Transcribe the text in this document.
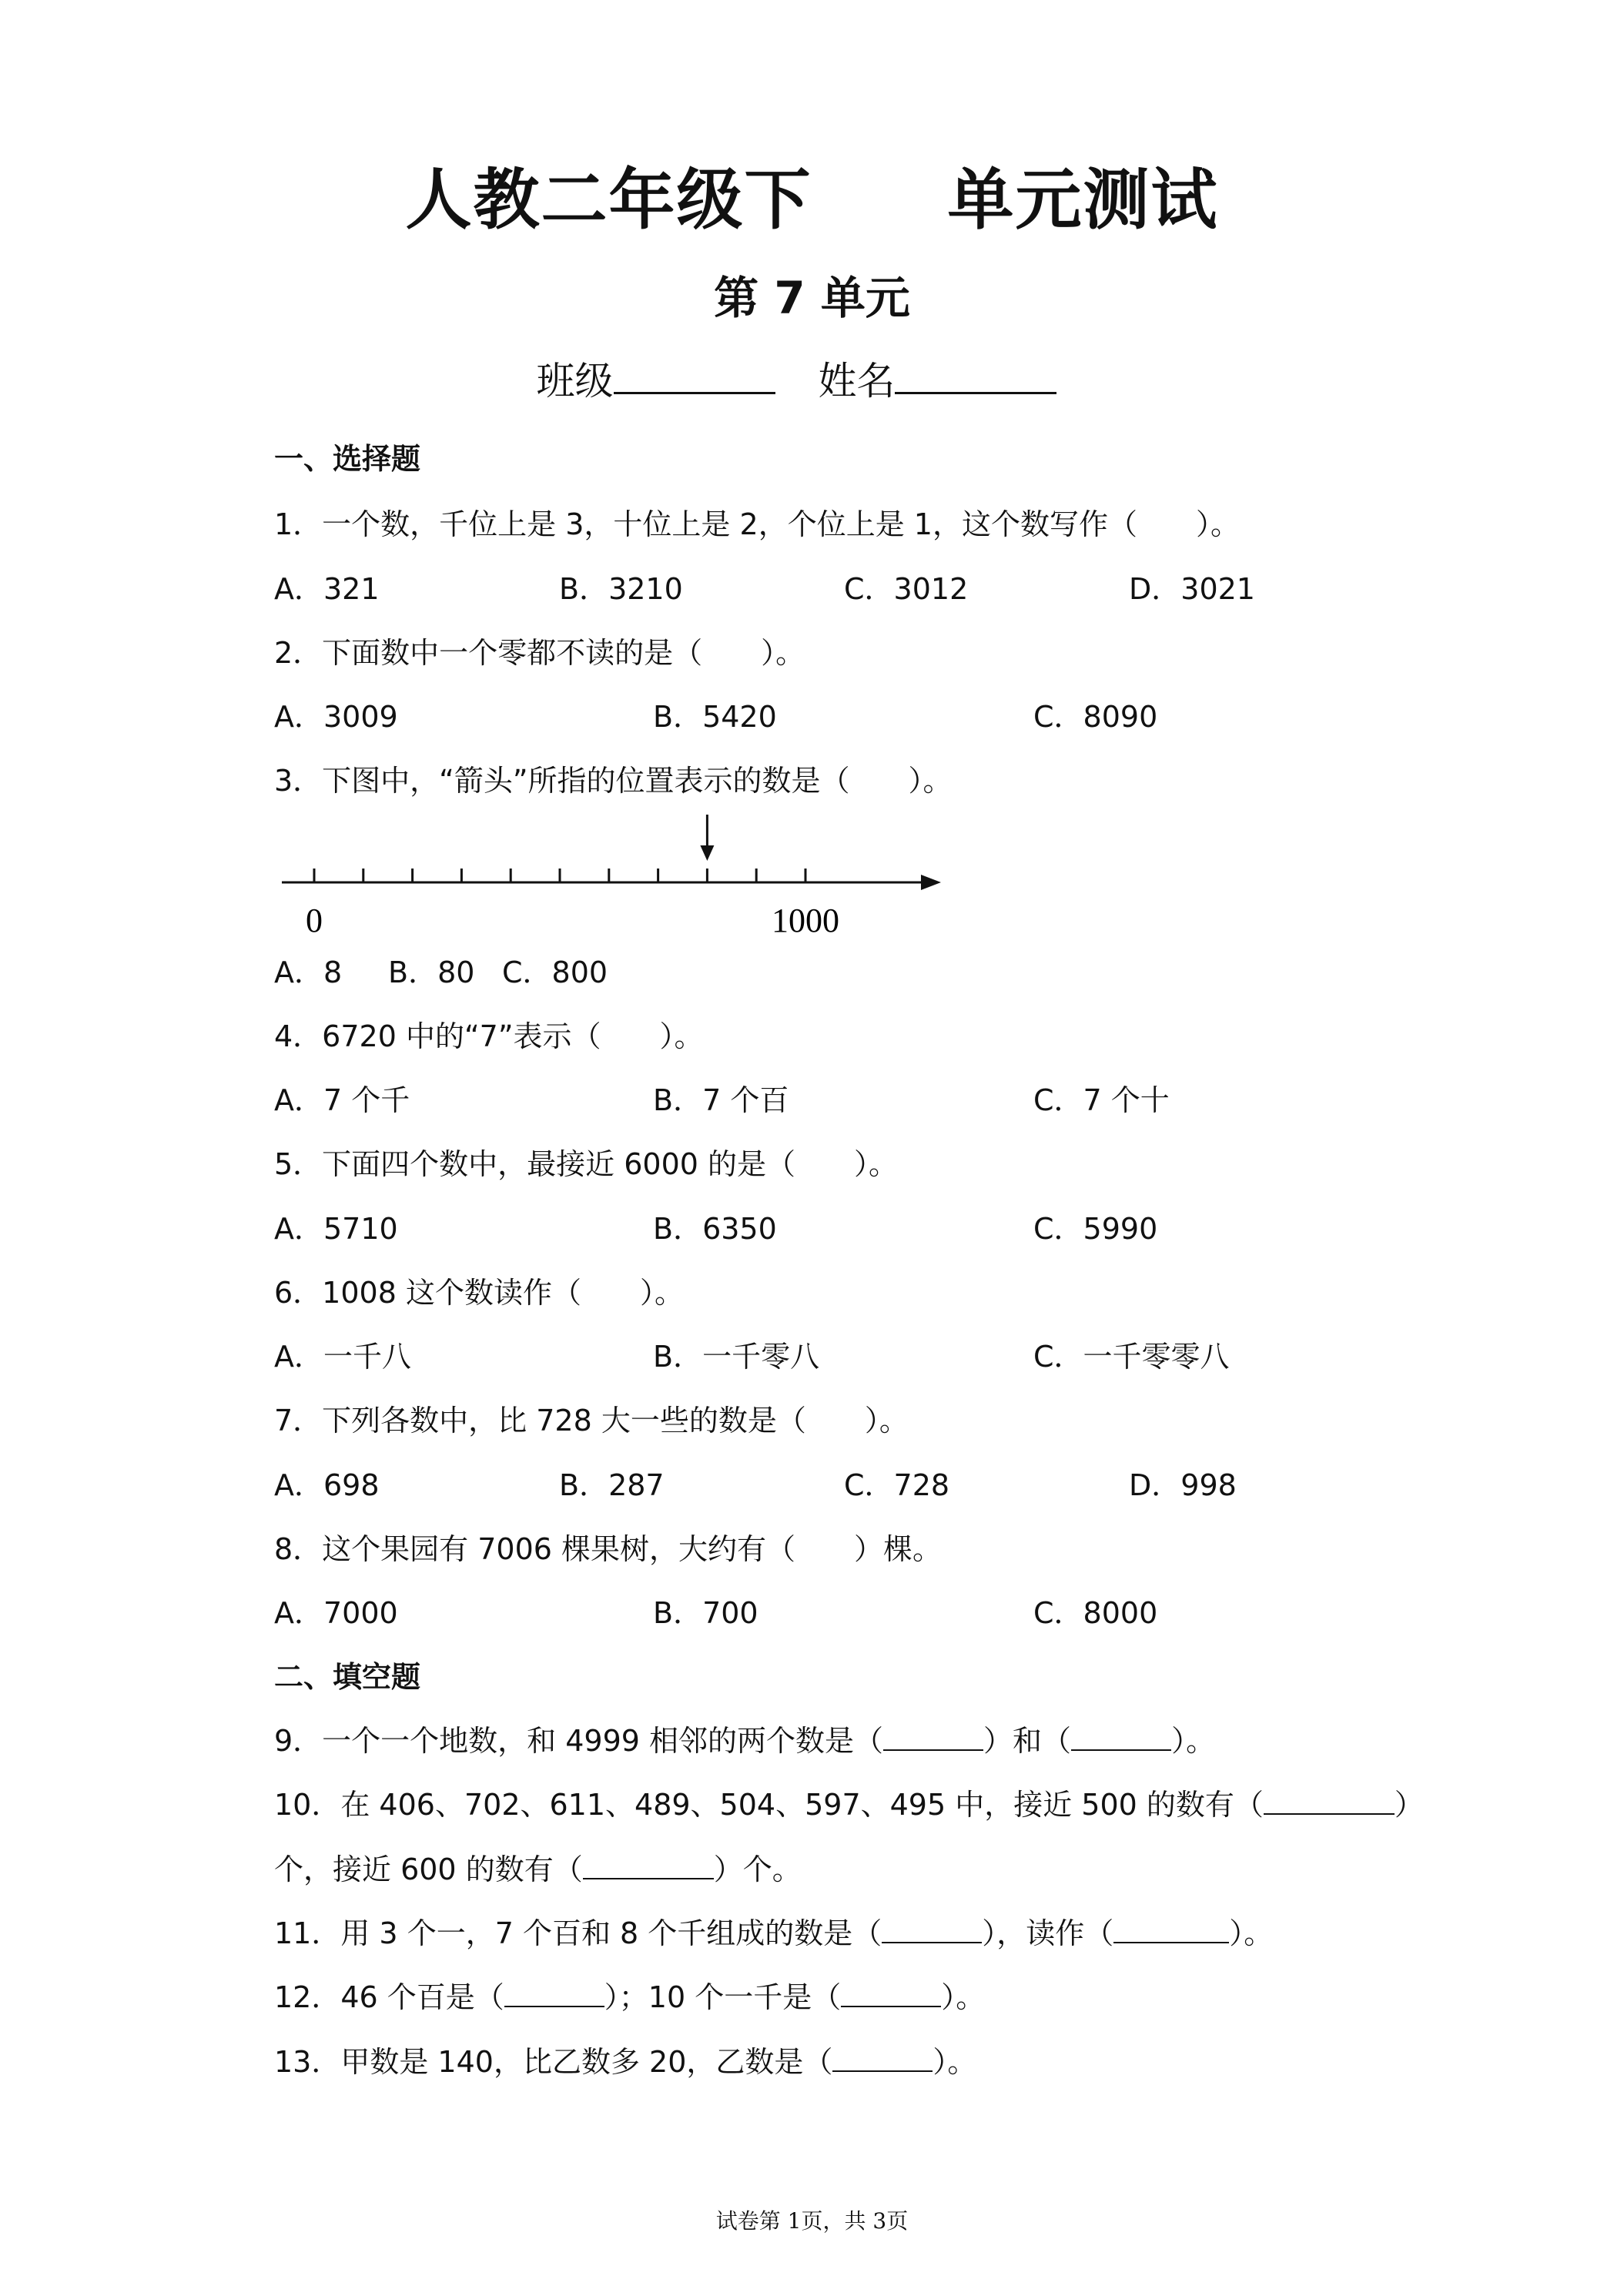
人教二年级下　　单元测试
第 7 单元
班级	姓名
一、选择题
1．一个数，千位上是 3，十位上是 2，个位上是 1，这个数写作（　　）。
A．321	B．3210	C．3012	D．3021
2．下面数中一个零都不读的是（　　）。
A．3009	B．5420	C．8090
3．下图中，“箭头”所指的位置表示的数是（　　）。
0	1000
A．8 B．80 C．800
4．6720 中的“7”表示（　　）。
A．7 个千	B．7 个百	C．7 个十
5．下面四个数中，最接近 6000 的是（　　）。
A．5710	B．6350	C．5990
6．1008 这个数读作（　　）。
A．一千八	B．一千零八	C．一千零零八
7．下列各数中，比 728 大一些的数是（　　）。
A．698	B．287	C．728	D．998
8．这个果园有 7006 棵果树，大约有（　　）棵。
A．7000	B．700	C．8000
二、填空题
9．一个一个地数，和 4999 相邻的两个数是（	）和（	）。
10．在 406、702、611、489、504、597、495 中，接近 500 的数有（	）
个，接近 600 的数有（	）个。
11．用 3 个一，7 个百和 8 个千组成的数是（	），读作（	）。
12．46 个百是（	）；10 个一千是（	）。
13．甲数是 140，比乙数多 20，乙数是（	）。
试卷第 1页，共 3页
